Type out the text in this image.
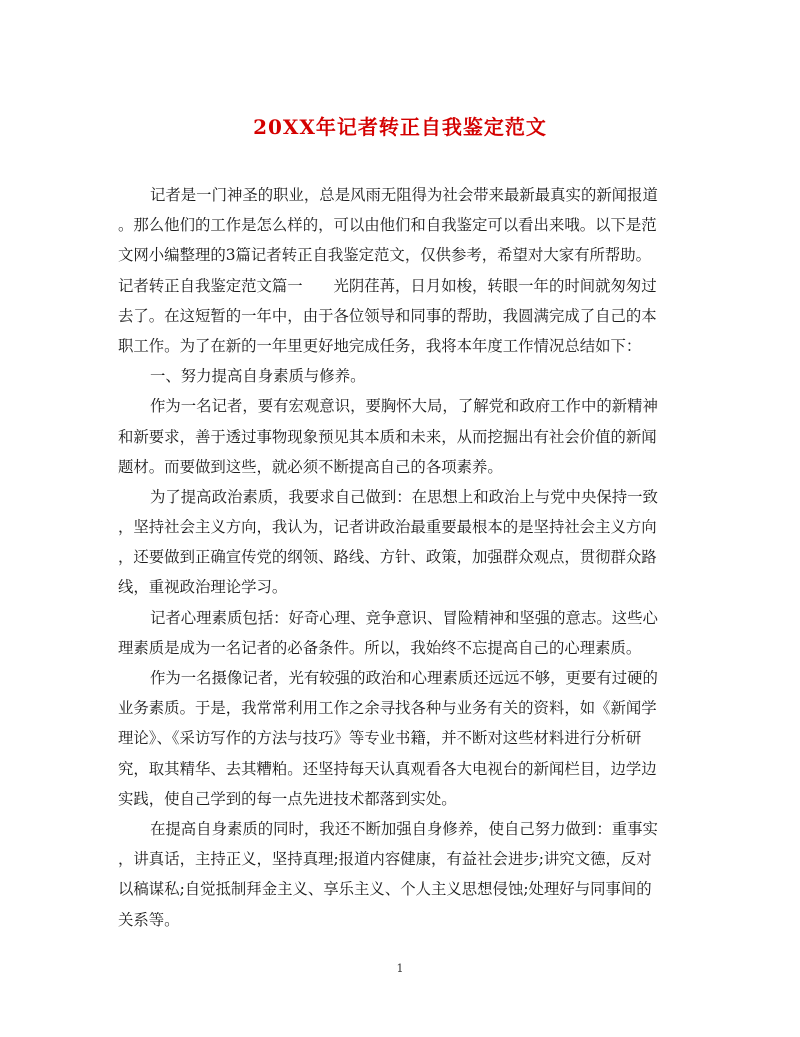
20XX年记者转正自我鉴定范文
记者是一门神圣的职业，总是风雨无阻得为社会带来最新最真实的新闻报道
。那么他们的工作是怎么样的，可以由他们和自我鉴定可以看出来哦。以下是范
文网小编整理的3篇记者转正自我鉴定范文，仅供参考，希望对大家有所帮助。
记者转正自我鉴定范文篇一　　光阴荏苒，日月如梭，转眼一年的时间就匆匆过
去了。在这短暂的一年中，由于各位领导和同事的帮助，我圆满完成了自己的本
职工作。为了在新的一年里更好地完成任务，我将本年度工作情况总结如下：
一、努力提高自身素质与修养。
作为一名记者，要有宏观意识，要胸怀大局，了解党和政府工作中的新精神
和新要求，善于透过事物现象预见其本质和未来，从而挖掘出有社会价值的新闻
题材。而要做到这些，就必须不断提高自己的各项素养。
为了提高政治素质，我要求自己做到：在思想上和政治上与党中央保持一致
，坚持社会主义方向，我认为，记者讲政治最重要最根本的是坚持社会主义方向
，还要做到正确宣传党的纲领、路线、方针、政策，加强群众观点，贯彻群众路
线，重视政治理论学习。
记者心理素质包括：好奇心理、竞争意识、冒险精神和坚强的意志。这些心
理素质是成为一名记者的必备条件。所以，我始终不忘提高自己的心理素质。
作为一名摄像记者，光有较强的政治和心理素质还远远不够，更要有过硬的
业务素质。于是，我常常利用工作之余寻找各种与业务有关的资料，如《新闻学
理论》、《采访写作的方法与技巧》等专业书籍，并不断对这些材料进行分析研
究，取其精华、去其糟粕。还坚持每天认真观看各大电视台的新闻栏目，边学边
实践，使自己学到的每一点先进技术都落到实处。
在提高自身素质的同时，我还不断加强自身修养，使自己努力做到：重事实
，讲真话，主持正义，坚持真理;报道内容健康，有益社会进步;讲究文德，反对
以稿谋私;自觉抵制拜金主义、享乐主义、个人主义思想侵蚀;处理好与同事间的
关系等。
1
